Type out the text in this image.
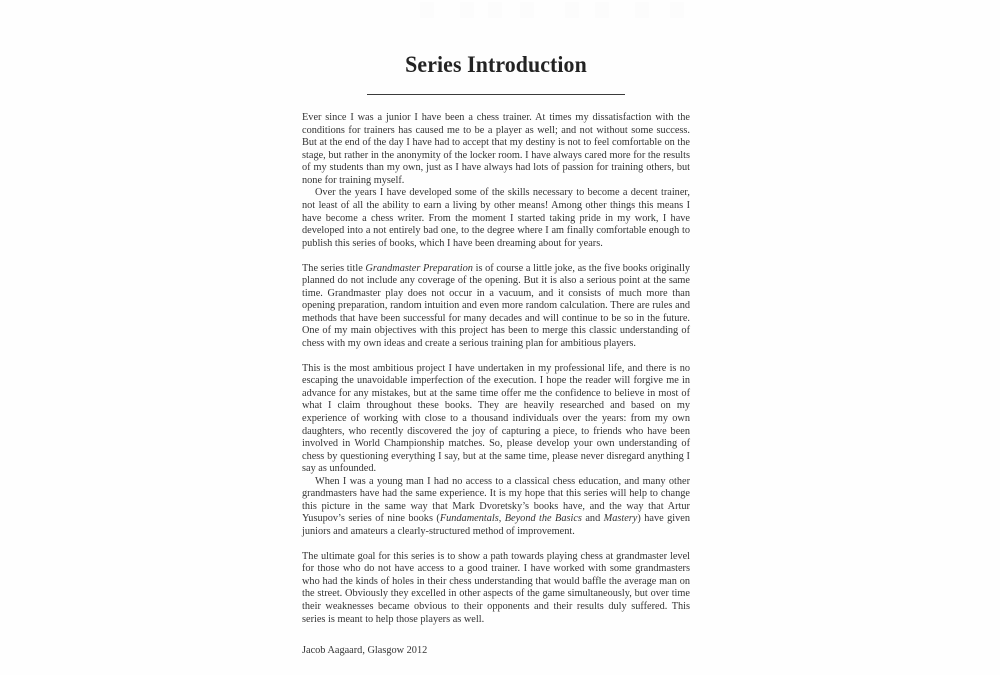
Series Introduction

Ever since I was a junior I have been a chess trainer. At times my dissatisfaction with the conditions for trainers has caused me to be a player as well; and not without some success. But at the end of the day I have had to accept that my destiny is not to feel comfortable on the stage, but rather in the anonymity of the locker room. I have always cared more for the results of my students than my own, just as I have always had lots of passion for training others, but none for training myself.

Over the years I have developed some of the skills necessary to become a decent trainer, not least of all the ability to earn a living by other means! Among other things this means I have become a chess writer. From the moment I started taking pride in my work, I have developed into a not entirely bad one, to the degree where I am finally comfortable enough to publish this series of books, which I have been dreaming about for years.

The series title Grandmaster Preparation is of course a little joke, as the five books originally planned do not include any coverage of the opening. But it is also a serious point at the same time. Grandmaster play does not occur in a vacuum, and it consists of much more than opening preparation, random intuition and even more random calculation. There are rules and methods that have been successful for many decades and will continue to be so in the future. One of my main objectives with this project has been to merge this classic understanding of chess with my own ideas and create a serious training plan for ambitious players.

This is the most ambitious project I have undertaken in my professional life, and there is no escaping the unavoidable imperfection of the execution. I hope the reader will forgive me in advance for any mistakes, but at the same time offer me the confidence to believe in most of what I claim throughout these books. They are heavily researched and based on my experience of working with close to a thousand individuals over the years: from my own daughters, who recently discovered the joy of capturing a piece, to friends who have been involved in World Championship matches. So, please develop your own understanding of chess by questioning everything I say, but at the same time, please never disregard anything I say as unfounded.

When I was a young man I had no access to a classical chess education, and many other grandmasters have had the same experience. It is my hope that this series will help to change this picture in the same way that Mark Dvoretsky’s books have, and the way that Artur Yusupov’s series of nine books (Fundamentals, Beyond the Basics and Mastery) have given juniors and amateurs a clearly-structured method of improvement.

The ultimate goal for this series is to show a path towards playing chess at grandmaster level for those who do not have access to a good trainer. I have worked with some grandmasters who had the kinds of holes in their chess understanding that would baffle the average man on the street. Obviously they excelled in other aspects of the game simultaneously, but over time their weaknesses became obvious to their opponents and their results duly suffered. This series is meant to help those players as well.

Jacob Aagaard, Glasgow 2012
